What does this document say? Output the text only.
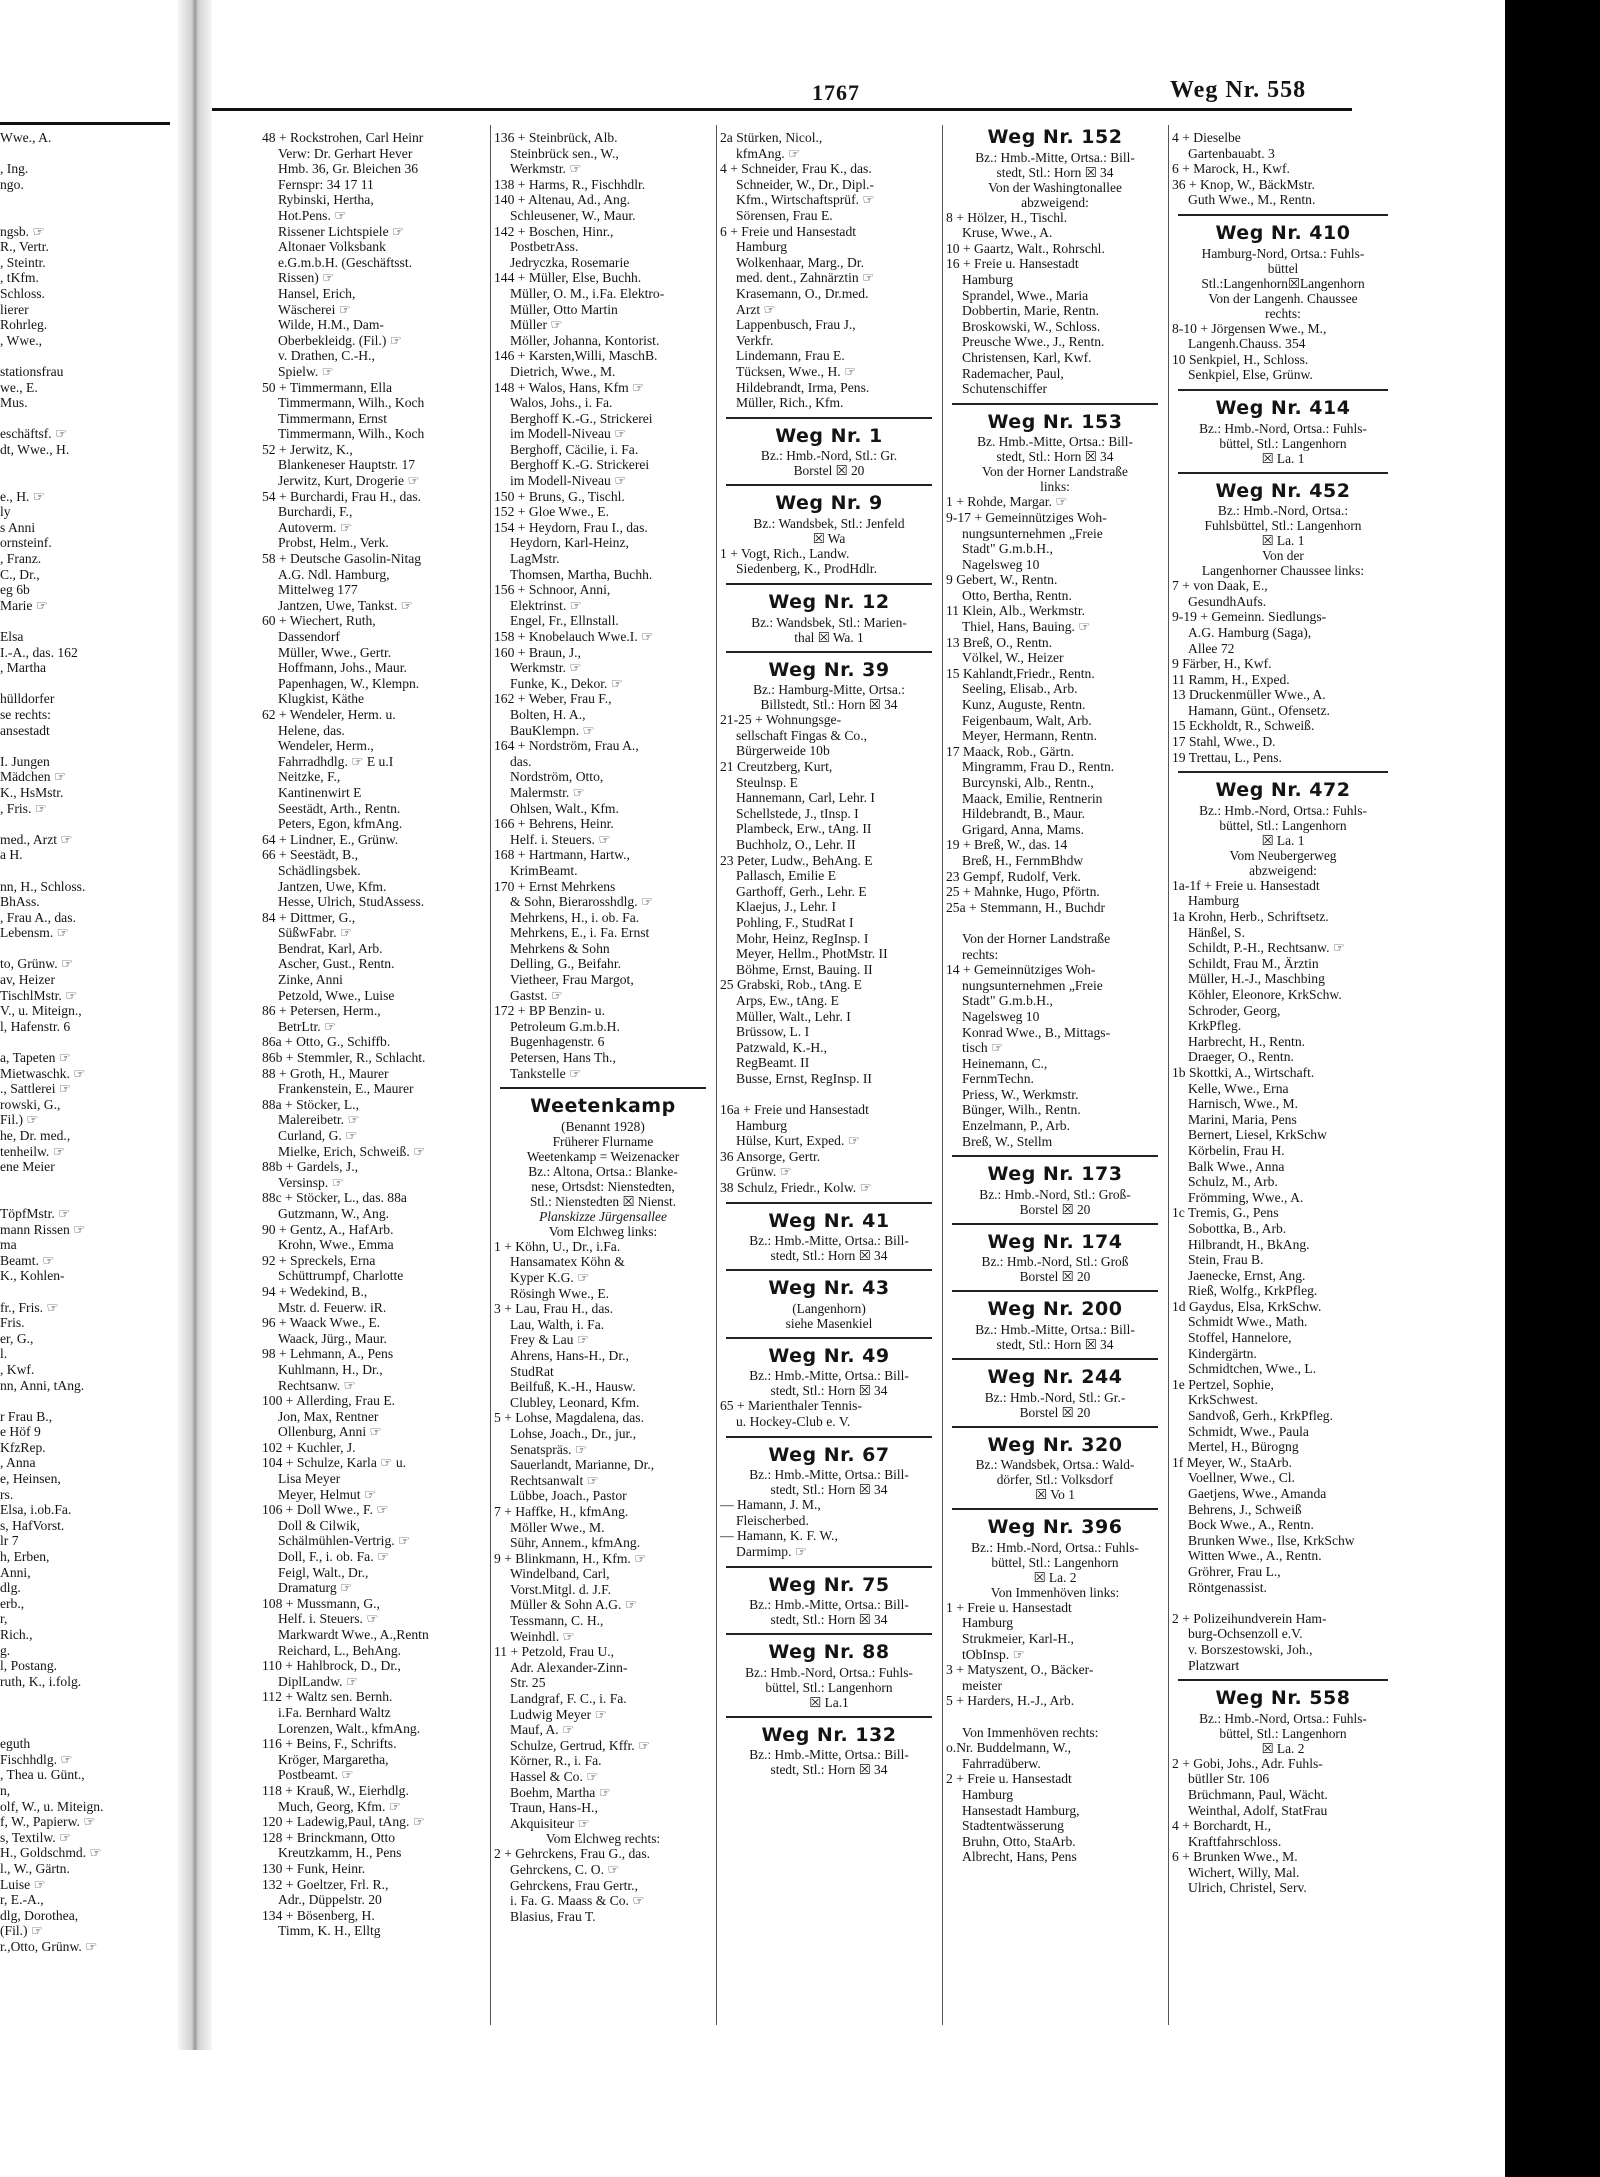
1767	Weg Nr. 558
Wwe., A.

, Ing.
ngo.

ngsb. ☞
R., Vertr.
, Steintr.
, tKfm.
Schloss.
lierer
Rohrleg.
, Wwe.,

stationsfrau
we., E.
Mus.

eschäftsf. ☞
dt, Wwe., H.

e., H. ☞
ly
s Anni
ornsteinf.
, Franz.
C., Dr.,
eg 6b
Marie ☞

Elsa
I.-A., das. 162
, Martha

hülldorfer
se rechts:
ansestadt

I. Jungen
Mädchen ☞
K., HsMstr.
, Fris. ☞

med., Arzt ☞
a H.

nn, H., Schloss.
BhAss.
, Frau A., das.
Lebensm. ☞

to, Grünw. ☞
av, Heizer
TischlMstr. ☞
V., u. Miteign.,
l, Hafenstr. 6

a, Tapeten ☞
Mietwaschk. ☞
., Sattlerei ☞
rowski, G.,
Fil.) ☞
he, Dr. med.,
tenheilw. ☞
ene Meier

TöpfMstr. ☞
mann Rissen ☞
ma
Beamt. ☞
K., Kohlen-

fr., Fris. ☞
Fris.
er, G.,
l.
, Kwf.
nn, Anni, tAng.

r Frau B.,
e Höf 9
KfzRep.
, Anna
e, Heinsen,
rs.
Elsa, i.ob.Fa.
s, HafVorst.
lr 7
h, Erben,
Anni,
dlg.
erb.,
r,
Rich.,
g.
l, Postang.
ruth, K., i.folg.

eguth
Fischhdlg. ☞
, Thea u. Günt.,
n,
olf, W., u. Miteign.
f, W., Papierw. ☞
s, Textilw. ☞
H., Goldschmd. ☞
l., W., Gärtn.
Luise ☞
r, E.-A.,
dlg, Dorothea,
(Fil.) ☞
r.,Otto, Grünw. ☞
48 + Rockstrohen, Carl Heinr
Verw: Dr. Gerhart Hever
Hmb. 36, Gr. Bleichen 36
Fernspr: 34 17 11
Rybinski, Hertha,
Hot.Pens. ☞
Rissener Lichtspiele ☞
Altonaer Volksbank
e.G.m.b.H. (Geschäftsst.
Rissen) ☞
Hansel, Erich,
Wäscherei ☞
Wilde, H.M., Dam-
Oberbekleidg. (Fil.) ☞
v. Drathen, C.-H.,
Spielw. ☞
50 + Timmermann, Ella
Timmermann, Wilh., Koch
Timmermann, Ernst
Timmermann, Wilh., Koch
52 + Jerwitz, K.,
Blankeneser Hauptstr. 17
Jerwitz, Kurt, Drogerie ☞
54 + Burchardi, Frau H., das.
Burchardi, F.,
Autoverm. ☞
Probst, Helm., Verk.
58 + Deutsche Gasolin-Nitag
A.G. Ndl. Hamburg,
Mittelweg 177
Jantzen, Uwe, Tankst. ☞
60 + Wiechert, Ruth,
Dassendorf
Müller, Wwe., Gertr.
Hoffmann, Johs., Maur.
Papenhagen, W., Klempn.
Klugkist, Käthe
62 + Wendeler, Herm. u.
Helene, das.
Wendeler, Herm.,
Fahrradhdlg. ☞ E u.I
Neitzke, F.,
Kantinenwirt E
Seestädt, Arth., Rentn.
Peters, Egon, kfmAng.
64 + Lindner, E., Grünw.
66 + Seestädt, B.,
Schädlingsbek.
Jantzen, Uwe, Kfm.
Hesse, Ulrich, StudAssess.
84 + Dittmer, G.,
SüßwFabr. ☞
Bendrat, Karl, Arb.
Ascher, Gust., Rentn.
Zinke, Anni
Petzold, Wwe., Luise
86 + Petersen, Herm.,
BetrLtr. ☞
86a + Otto, G., Schiffb.
86b + Stemmler, R., Schlacht.
88 + Groth, H., Maurer
Frankenstein, E., Maurer
88a + Stöcker, L.,
Malereibetr. ☞
Curland, G. ☞
Mielke, Erich, Schweiß. ☞
88b + Gardels, J.,
Versinsp. ☞
88c + Stöcker, L., das. 88a
Gutzmann, W., Ang.
90 + Gentz, A., HafArb.
Krohn, Wwe., Emma
92 + Spreckels, Erna
Schüttrumpf, Charlotte
94 + Wedekind, B.,
Mstr. d. Feuerw. iR.
96 + Waack Wwe., E.
Waack, Jürg., Maur.
98 + Lehmann, A., Pens
Kuhlmann, H., Dr.,
Rechtsanw. ☞
100 + Allerding, Frau E.
Jon, Max, Rentner
Ollenburg, Anni ☞
102 + Kuchler, J.
104 + Schulze, Karla ☞ u.
Lisa Meyer
Meyer, Helmut ☞
106 + Doll Wwe., F. ☞
Doll & Cilwik,
Schälmühlen-Vertrig. ☞
Doll, F., i. ob. Fa. ☞
Feigl, Walt., Dr.,
Dramaturg ☞
108 + Mussmann, G.,
Helf. i. Steuers. ☞
Markwardt Wwe., A.,Rentn
Reichard, L., BehAng.
110 + Hahlbrock, D., Dr.,
DiplLandw. ☞
112 + Waltz sen. Bernh.
i.Fa. Bernhard Waltz
Lorenzen, Walt., kfmAng.
116 + Beins, F., Schrifts.
Kröger, Margaretha,
Postbeamt. ☞
118 + Krauß, W., Eierhdlg.
Much, Georg, Kfm. ☞
120 + Ladewig,Paul, tAng. ☞
128 + Brinckmann, Otto
Kreutzkamm, H., Pens
130 + Funk, Heinr.
132 + Goeltzer, Frl. R.,
Adr., Düppelstr. 20
134 + Bösenberg, H.
Timm, K. H., Elltg
136 + Steinbrück, Alb.
Steinbrück sen., W.,
Werkmstr. ☞
138 + Harms, R., Fischhdlr.
140 + Altenau, Ad., Ang.
Schleusener, W., Maur.
142 + Boschen, Hinr.,
PostbetrAss.
Jedryczka, Rosemarie
144 + Müller, Else, Buchh.
Müller, O. M., i.Fa. Elektro-
Müller, Otto Martin
Müller ☞
Möller, Johanna, Kontorist.
146 + Karsten,Willi, MaschB.
Dietrich, Wwe., M.
148 + Walos, Hans, Kfm ☞
Walos, Johs., i. Fa.
Berghoff K.-G., Strickerei
im Modell-Niveau ☞
Berghoff, Cäcilie, i. Fa.
Berghoff K.-G. Strickerei
im Modell-Niveau ☞
150 + Bruns, G., Tischl.
152 + Gloe Wwe., E.
154 + Heydorn, Frau I., das.
Heydorn, Karl-Heinz,
LagMstr.
Thomsen, Martha, Buchh.
156 + Schnoor, Anni,
Elektrinst. ☞
Engel, Fr., Ellnstall.
158 + Knobelauch Wwe.I. ☞
160 + Braun, J.,
Werkmstr. ☞
Funke, K., Dekor. ☞
162 + Weber, Frau F.,
Bolten, H. A.,
BauKlempn. ☞
164 + Nordström, Frau A.,
das.
Nordström, Otto,
Malermstr. ☞
Ohlsen, Walt., Kfm.
166 + Behrens, Heinr.
Helf. i. Steuers. ☞
168 + Hartmann, Hartw.,
KrimBeamt.
170 + Ernst Mehrkens
& Sohn, Bierarosshdlg. ☞
Mehrkens, H., i. ob. Fa.
Mehrkens, E., i. Fa. Ernst
Mehrkens & Sohn
Delling, G., Beifahr.
Vietheer, Frau Margot,
Gastst. ☞
172 + BP Benzin- u.
Petroleum G.m.b.H.
Bugenhagenstr. 6
Petersen, Hans Th.,
Tankstelle ☞
Weetenkamp
(Benannt 1928)
Früherer Flurname
Weetenkamp = Weizenacker
Bz.: Altona, Ortsa.: Blanke-
nese, Ortsdst: Nienstedten,
Stl.: Nienstedten ☒ Nienst.
Planskizze Jürgensallee
Vom Elchweg links:
1 + Köhn, U., Dr., i.Fa.
Hansamatex Köhn &
Kyper K.G. ☞
Rösingh Wwe., E.
3 + Lau, Frau H., das.
Lau, Walth, i. Fa.
Frey & Lau ☞
Ahrens, Hans-H., Dr.,
StudRat
Beilfuß, K.-H., Hausw.
Clubley, Leonard, Kfm.
5 + Lohse, Magdalena, das.
Lohse, Joach., Dr., jur.,
Senatspräs. ☞
Sauerlandt, Marianne, Dr.,
Rechtsanwalt ☞
Lübbe, Joach., Pastor
7 + Haffke, H., kfmAng.
Möller Wwe., M.
Sühr, Annem., kfmAng.
9 + Blinkmann, H., Kfm. ☞
Windelband, Carl,
Vorst.Mitgl. d. J.F.
Müller & Sohn A.G. ☞
Tessmann, C. H.,
Weinhdl. ☞
11 + Petzold, Frau U.,
Adr. Alexander-Zinn-
Str. 25
Landgraf, F. C., i. Fa.
Ludwig Meyer ☞
Mauf, A. ☞
Schulze, Gertrud, Kffr. ☞
Körner, R., i. Fa.
Hassel & Co. ☞
Boehm, Martha ☞
Traun, Hans-H.,
Akquisiteur ☞
Vom Elchweg rechts:
2 + Gehrckens, Frau G., das.
Gehrckens, C. O. ☞
Gehrckens, Frau Gertr.,
i. Fa. G. Maass & Co. ☞
Blasius, Frau T.
2a Stürken, Nicol.,
kfmAng. ☞
4 + Schneider, Frau K., das.
Schneider, W., Dr., Dipl.-
Kfm., Wirtschaftsprüf. ☞
Sörensen, Frau E.
6 + Freie und Hansestadt
Hamburg
Wolkenhaar, Marg., Dr.
med. dent., Zahnärztin ☞
Krasemann, O., Dr.med.
Arzt ☞
Lappenbusch, Frau J.,
Verkfr.
Lindemann, Frau E.
Tücksen, Wwe., H. ☞
Hildebrandt, Irma, Pens.
Müller, Rich., Kfm.
Weg Nr. 1
Bz.: Hmb.-Nord, Stl.: Gr.
Borstel ☒ 20
Weg Nr. 9
Bz.: Wandsbek, Stl.: Jenfeld
☒ Wa
1 + Vogt, Rich., Landw.
Siedenberg, K., ProdHdlr.
Weg Nr. 12
Bz.: Wandsbek, Stl.: Marien-
thal ☒ Wa. 1
Weg Nr. 39
Bz.: Hamburg-Mitte, Ortsa.:
Billstedt, Stl.: Horn ☒ 34
21-25 + Wohnungsge-
sellschaft Fingas & Co.,
Bürgerweide 10b
21 Creutzberg, Kurt,
Steulnsp. E
Hannemann, Carl, Lehr. I
Schellstede, J., tInsp. I
Plambeck, Erw., tAng. II
Buchholz, O., Lehr. II
23 Peter, Ludw., BehAng. E
Pallasch, Emilie E
Garthoff, Gerh., Lehr. E
Klaejus, J., Lehr. I
Pohling, F., StudRat I
Mohr, Heinz, RegInsp. I
Meyer, Hellm., PhotMstr. II
Böhme, Ernst, Bauing. II
25 Grabski, Rob., tAng. E
Arps, Ew., tAng. E
Müller, Walt., Lehr. I
Brüssow, L. I
Patzwald, K.-H.,
RegBeamt. II
Busse, Ernst, RegInsp. II

16a + Freie und Hansestadt
Hamburg
Hülse, Kurt, Exped. ☞
36 Ansorge, Gertr.
Grünw. ☞
38 Schulz, Friedr., Kolw. ☞
Weg Nr. 41
Bz.: Hmb.-Mitte, Ortsa.: Bill-
stedt, Stl.: Horn ☒ 34
Weg Nr. 43
(Langenhorn)
siehe Masenkiel
Weg Nr. 49
Bz.: Hmb.-Mitte, Ortsa.: Bill-
stedt, Stl.: Horn ☒ 34
65 + Marienthaler Tennis-
u. Hockey-Club e. V.
Weg Nr. 67
Bz.: Hmb.-Mitte, Ortsa.: Bill-
stedt, Stl.: Horn ☒ 34
— Hamann, J. M.,
Fleischerbed.
— Hamann, K. F. W.,
Darmimp. ☞
Weg Nr. 75
Bz.: Hmb.-Mitte, Ortsa.: Bill-
stedt, Stl.: Horn ☒ 34
Weg Nr. 88
Bz.: Hmb.-Nord, Ortsa.: Fuhls-
büttel, Stl.: Langenhorn
☒ La.1
Weg Nr. 132
Bz.: Hmb.-Mitte, Ortsa.: Bill-
stedt, Stl.: Horn ☒ 34
Weg Nr. 152
Bz.: Hmb.-Mitte, Ortsa.: Bill-
stedt, Stl.: Horn ☒ 34
Von der Washingtonallee
abzweigend:
8 + Hölzer, H., Tischl.
Kruse, Wwe., A.
10 + Gaartz, Walt., Rohrschl.
16 + Freie u. Hansestadt
Hamburg
Sprandel, Wwe., Maria
Dobbertin, Marie, Rentn.
Broskowski, W., Schloss.
Preusche Wwe., J., Rentn.
Christensen, Karl, Kwf.
Rademacher, Paul,
Schutenschiffer
Weg Nr. 153
Bz. Hmb.-Mitte, Ortsa.: Bill-
stedt, Stl.: Horn ☒ 34
Von der Horner Landstraße
links:
1 + Rohde, Margar. ☞
9-17 + Gemeinnütziges Woh-
nungsunternehmen „Freie
Stadt" G.m.b.H.,
Nagelsweg 10
9 Gebert, W., Rentn.
Otto, Bertha, Rentn.
11 Klein, Alb., Werkmstr.
Thiel, Hans, Bauing. ☞
13 Breß, O., Rentn.
Völkel, W., Heizer
15 Kahlandt,Friedr., Rentn.
Seeling, Elisab., Arb.
Kunz, Auguste, Rentn.
Feigenbaum, Walt, Arb.
Meyer, Hermann, Rentn.
17 Maack, Rob., Gärtn.
Mingramm, Frau D., Rentn.
Burcynski, Alb., Rentn.,
Maack, Emilie, Rentnerin
Hildebrandt, B., Maur.
Grigard, Anna, Mams.
19 + Breß, W., das. 14
Breß, H., FernmBhdw
23 Gempf, Rudolf, Verk.
25 + Mahnke, Hugo, Pförtn.
25a + Stemmann, H., Buchdr

Von der Horner Landstraße
rechts:
14 + Gemeinnütziges Woh-
nungsunternehmen „Freie
Stadt" G.m.b.H.,
Nagelsweg 10
Konrad Wwe., B., Mittags-
tisch ☞
Heinemann, C.,
FernmTechn.
Priess, W., Werkmstr.
Bünger, Wilh., Rentn.
Enzelmann, P., Arb.
Breß, W., Stellm
Weg Nr. 173
Bz.: Hmb.-Nord, Stl.: Groß-
Borstel ☒ 20
Weg Nr. 174
Bz.: Hmb.-Nord, Stl.: Groß
Borstel ☒ 20
Weg Nr. 200
Bz.: Hmb.-Mitte, Ortsa.: Bill-
stedt, Stl.: Horn ☒ 34
Weg Nr. 244
Bz.: Hmb.-Nord, Stl.: Gr.-
Borstel ☒ 20
Weg Nr. 320
Bz.: Wandsbek, Ortsa.: Wald-
dörfer, Stl.: Volksdorf
☒ Vo 1
Weg Nr. 396
Bz.: Hmb.-Nord, Ortsa.: Fuhls-
büttel, Stl.: Langenhorn
☒ La. 2
Von Immenhöven links:
1 + Freie u. Hansestadt
Hamburg
Strukmeier, Karl-H.,
tObInsp. ☞
3 + Matyszent, O., Bäcker-
meister
5 + Harders, H.-J., Arb.

Von Immenhöven rechts:
o.Nr. Buddelmann, W.,
Fahrradüberw.
2 + Freie u. Hansestadt
Hamburg
Hansestadt Hamburg,
Stadtentwässerung
Bruhn, Otto, StaArb.
Albrecht, Hans, Pens
4 + Dieselbe
Gartenbauabt. 3
6 + Marock, H., Kwf.
36 + Knop, W., BäckMstr.
Guth Wwe., M., Rentn.
Weg Nr. 410
Hamburg-Nord, Ortsa.: Fuhls-
büttel
Stl.:Langenhorn☒Langenhorn
Von der Langenh. Chaussee
rechts:
8-10 + Jörgensen Wwe., M.,
Langenh.Chauss. 354
10 Senkpiel, H., Schloss.
Senkpiel, Else, Grünw.
Weg Nr. 414
Bz.: Hmb.-Nord, Ortsa.: Fuhls-
büttel, Stl.: Langenhorn
☒ La. 1
Weg Nr. 452
Bz.: Hmb.-Nord, Ortsa.:
Fuhlsbüttel, Stl.: Langenhorn
☒ La. 1
Von der
Langenhorner Chaussee links:
7 + von Daak, E.,
GesundhAufs.
9-19 + Gemeinn. Siedlungs-
A.G. Hamburg (Saga),
Allee 72
9 Färber, H., Kwf.
11 Ramm, H., Exped.
13 Druckenmüller Wwe., A.
Hamann, Günt., Ofensetz.
15 Eckholdt, R., Schweiß.
17 Stahl, Wwe., D.
19 Trettau, L., Pens.
Weg Nr. 472
Bz.: Hmb.-Nord, Ortsa.: Fuhls-
büttel, Stl.: Langenhorn
☒ La. 1
Vom Neubergerweg
abzweigend:
1a-1f + Freie u. Hansestadt
Hamburg
1a Krohn, Herb., Schriftsetz.
Hänßel, S.
Schildt, P.-H., Rechtsanw. ☞
Schildt, Frau M., Ärztin
Müller, H.-J., Maschbing
Köhler, Eleonore, KrkSchw.
Schroder, Georg,
KrkPfleg.
Harbrecht, H., Rentn.
Draeger, O., Rentn.
1b Skottki, A., Wirtschaft.
Kelle, Wwe., Erna
Harnisch, Wwe., M.
Marini, Maria, Pens
Bernert, Liesel, KrkSchw
Körbelin, Frau H.
Balk Wwe., Anna
Schulz, M., Arb.
Frömming, Wwe., A.
1c Tremis, G., Pens
Sobottka, B., Arb.
Hilbrandt, H., BkAng.
Stein, Frau B.
Jaenecke, Ernst, Ang.
Rieß, Wolfg., KrkPfleg.
1d Gaydus, Elsa, KrkSchw.
Schmidt Wwe., Math.
Stoffel, Hannelore,
Kindergärtn.
Schmidtchen, Wwe., L.
1e Pertzel, Sophie,
KrkSchwest.
Sandvoß, Gerh., KrkPfleg.
Schmidt, Wwe., Paula
Mertel, H., Bürogng
1f Meyer, W., StaArb.
Voellner, Wwe., Cl.
Gaetjens, Wwe., Amanda
Behrens, J., Schweiß
Bock Wwe., A., Rentn.
Brunken Wwe., Ilse, KrkSchw
Witten Wwe., A., Rentn.
Gröhrer, Frau L.,
Röntgenassist.

2 + Polizeihundverein Ham-
burg-Ochsenzoll e.V.
v. Borszestowski, Joh.,
Platzwart
Weg Nr. 558
Bz.: Hmb.-Nord, Ortsa.: Fuhls-
büttel, Stl.: Langenhorn
☒ La. 2
2 + Gobi, Johs., Adr. Fuhls-
bütller Str. 106
Brüchmann, Paul, Wächt.
Weinthal, Adolf, StatFrau
4 + Borchardt, H.,
Kraftfahrschloss.
6 + Brunken Wwe., M.
Wichert, Willy, Mal.
Ulrich, Christel, Serv.
